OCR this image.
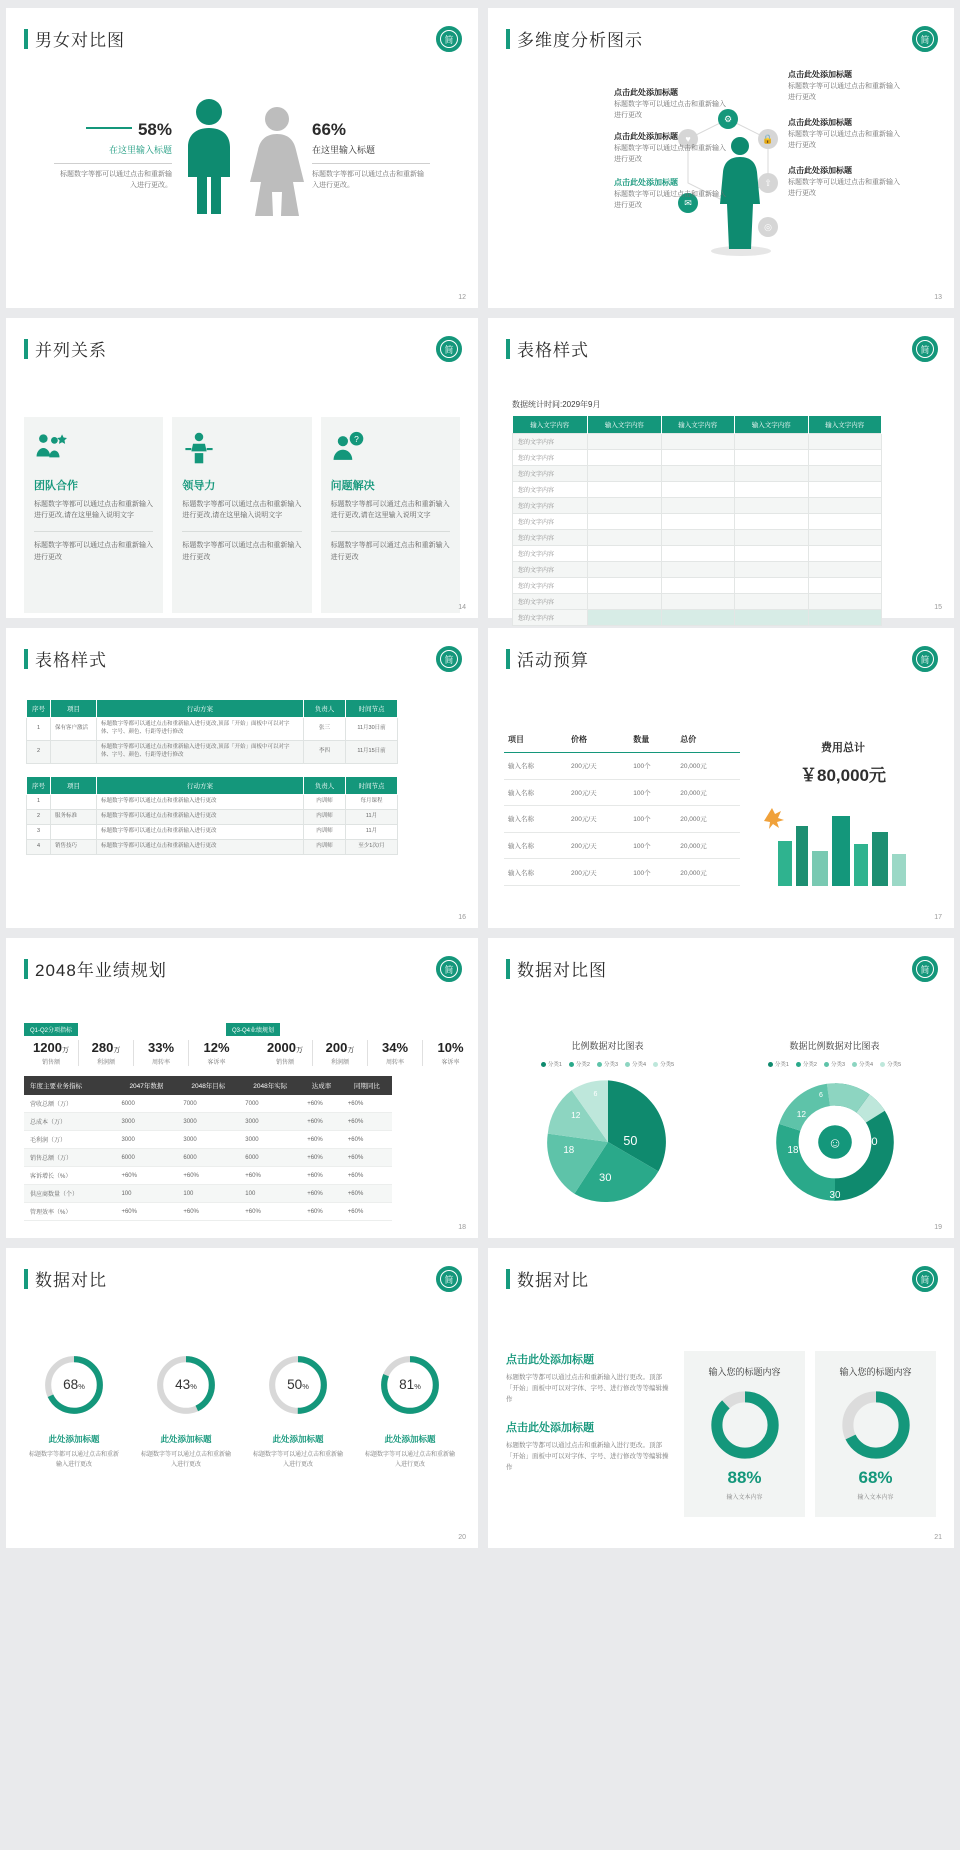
男女对比图	简
58%
在这里输入标题
标题数字等都可以通过点击和重新输入进行更改。
66%
在这里输入标题
标题数字等都可以通过点击和重新输入进行更改。
12
多维度分析图示	简
♥
⚙
🔒
⇧
◎
✉
点击此处添加标题
标题数字等可以通过点击和重新输入进行更改
点击此处添加标题
标题数字等可以通过点击和重新输入进行更改
点击此处添加标题
标题数字等可以通过点击和重新输入进行更改
点击此处添加标题
标题数字等可以通过点击和重新输入进行更改
点击此处添加标题
标题数字等可以通过点击和重新输入进行更改
点击此处添加标题
标题数字等可以通过点击和重新输入进行更改
13
并列关系	简
团队合作
标题数字等都可以通过点击和重新输入进行更改,请在这里输入说明文字
标题数字等都可以通过点击和重新输入进行更改
领导力
标题数字等都可以通过点击和重新输入进行更改,请在这里输入说明文字
标题数字等都可以通过点击和重新输入进行更改
?
问题解决
标题数字等都可以通过点击和重新输入进行更改,请在这里输入说明文字
标题数字等都可以通过点击和重新输入进行更改
14
表格样式	简
数据统计时间:2029年9月
输入文字内容	输入文字内容	输入文字内容	输入文字内容	输入文字内容
您的文字内容				
您的文字内容				
您的文字内容				
您的文字内容				
您的文字内容				
您的文字内容				
您的文字内容				
您的文字内容				
您的文字内容				
您的文字内容				
您的文字内容				
您的文字内容				
15
表格样式	简
序号	项目	行动方案	负责人	时间节点
1	保有客户激活	标题数字等都可以通过点击和重新输入进行更改,顶部「开始」面板中可以对字体、字号、颜色、行距等进行修改	张三	11月30日前
2		标题数字等都可以通过点击和重新输入进行更改,顶部「开始」面板中可以对字体、字号、颜色、行距等进行修改	李四	11月15日前
序号	项目	行动方案	负责人	时间节点
1		标题数字等都可以通过点击和重新输入进行更改	内训师	每月课程
2	服务标准	标题数字等都可以通过点击和重新输入进行更改	内训师	11月
3		标题数字等都可以通过点击和重新输入进行更改	内训师	11月
4	销售技巧	标题数字等都可以通过点击和重新输入进行更改	内训师	至少1次/月
16
活动预算	简
项目	价格	数量	总价
输入名称	200元/天	100个	20,000元
输入名称	200元/天	100个	20,000元
输入名称	200元/天	100个	20,000元
输入名称	200元/天	100个	20,000元
输入名称	200元/天	100个	20,000元
费用总计
￥80,000元
17
2048年业绩规划	简
Q1-Q2分项指标	Q3-Q4业绩规划
1200万
销售额
280万
利润额
33%
周转率
12%
客诉率
2000万
销售额
200万
利润额
34%
周转率
10%
客诉率
年度主要业务指标	2047年数据	2048年目标	2048年实际	达成率	同期同比
营收总额（万）	6000	7000	7000	+60%	+60%
总成本（万）	3000	3000	3000	+60%	+60%
毛利润（万）	3000	3000	3000	+60%	+60%
销售总额（万）	6000	6000	6000	+60%	+60%
客诉增长（%）	+60%	+60%	+60%	+60%	+60%
供应商数量（个）	100	100	100	+60%	+60%
管理效率（%）	+60%	+60%	+60%	+60%	+60%
18
数据对比图	简
比例数据对比图表
分类1	分类2	分类3	分类4	分类5
50
30
18
12
6
数据比例数据对比图表
分类1	分类2	分类3	分类4	分类5
☺	50
30
18
12
6
19
数据对比	简
68%
此处添加标题
标题数字等都可以通过点击和重新输入进行更改
43%
此处添加标题
标题数字等可以通过点击和重新输入进行更改
50%
此处添加标题
标题数字等可以通过点击和重新输入进行更改
81%
此处添加标题
标题数字等可以通过点击和重新输入进行更改
20
数据对比	简
点击此处添加标题
标题数字等都可以通过点击和重新输入进行更改。顶部「开始」面板中可以对字体、字号、进行修改等等编辑操作
点击此处添加标题
标题数字等都可以通过点击和重新输入进行更改。顶部「开始」面板中可以对字体、字号、进行修改等等编辑操作
输入您的标题内容
88%
输入文本内容
输入您的标题内容
68%
输入文本内容
21
